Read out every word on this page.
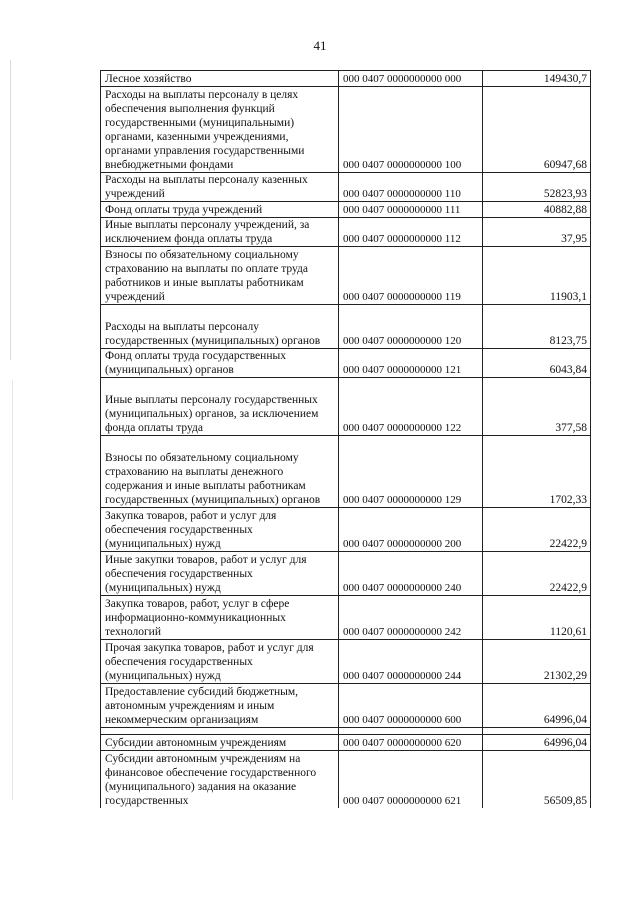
41
Лесное хозяйство	000 0407 0000000000 000	149430,7
Расходы на выплаты персоналу в целях обеспечения выполнения функций государственными (муниципальными) органами, казенными учреждениями, органами управления государственными внебюджетными фондами	000 0407 0000000000 100	60947,68
Расходы на выплаты персоналу казенных учреждений	000 0407 0000000000 110	52823,93
Фонд оплаты труда учреждений	000 0407 0000000000 111	40882,88
Иные выплаты персоналу учреждений, за исключением фонда оплаты труда	000 0407 0000000000 112	37,95
Взносы по обязательному социальному страхованию на выплаты по оплате труда работников и иные выплаты работникам учреждений	000 0407 0000000000 119	11903,1
Расходы на выплаты персоналу государственных (муниципальных) органов	000 0407 0000000000 120	8123,75
Фонд оплаты труда государственных (муниципальных) органов	000 0407 0000000000 121	6043,84
Иные выплаты персоналу государственных (муниципальных) органов, за исключением фонда оплаты труда	000 0407 0000000000 122	377,58
Взносы по обязательному социальному страхованию на выплаты денежного содержания и иные выплаты работникам государственных (муниципальных) органов	000 0407 0000000000 129	1702,33
Закупка товаров, работ и услуг для обеспечения государственных (муниципальных) нужд	000 0407 0000000000 200	22422,9
Иные закупки товаров, работ и услуг для обеспечения государственных (муниципальных) нужд	000 0407 0000000000 240	22422,9
Закупка товаров, работ, услуг в сфере информационно-коммуникационных технологий	000 0407 0000000000 242	1120,61
Прочая закупка товаров, работ и услуг для обеспечения государственных (муниципальных) нужд	000 0407 0000000000 244	21302,29
Предоставление субсидий бюджетным, автономным учреждениям и иным некоммерческим организациям	000 0407 0000000000 600	64996,04

Субсидии автономным учреждениям	000 0407 0000000000 620	64996,04
Субсидии автономным учреждениям на финансовое обеспечение государственного (муниципального) задания на оказание государственных	000 0407 0000000000 621	56509,85
